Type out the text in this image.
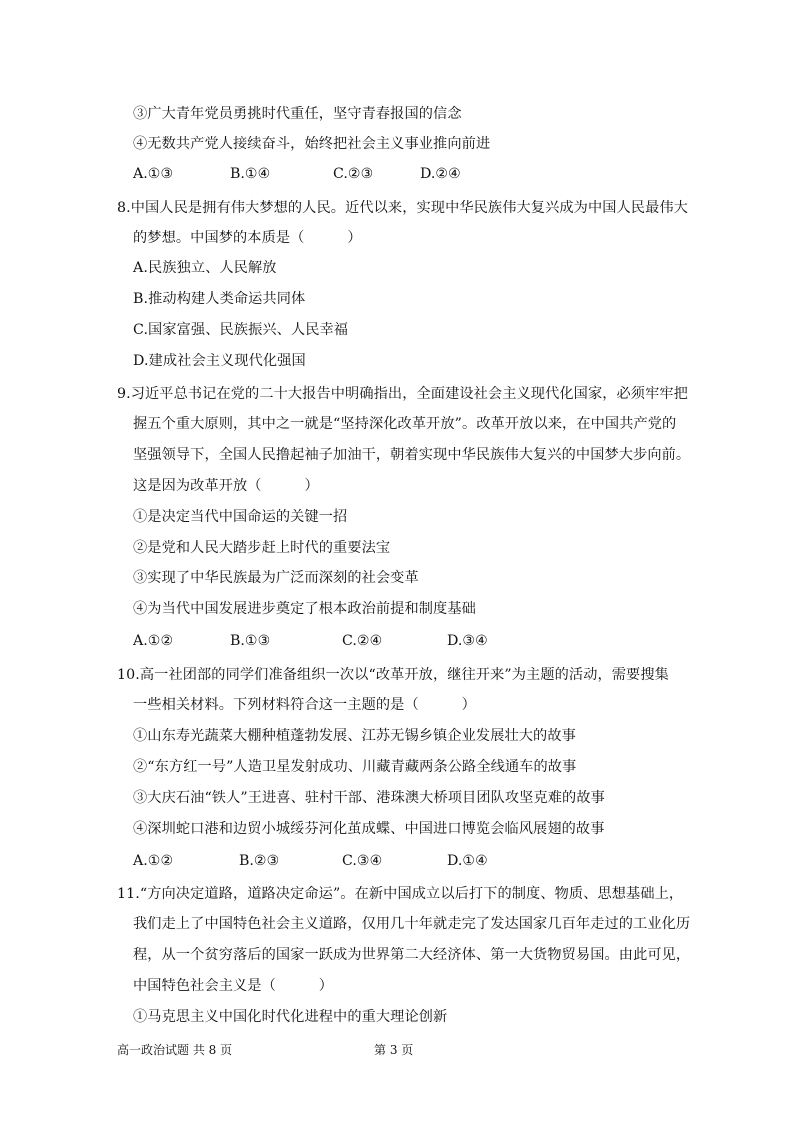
③广大青年党员勇挑时代重任，坚守青春报国的信念
④无数共产党人接续奋斗，始终把社会主义事业推向前进
A.①③	B.①④	C.②③	D.②④
8.中国人民是拥有伟大梦想的人民。近代以来，实现中华民族伟大复兴成为中国人民最伟大
的梦想。中国梦的本质是（　　　）
A.民族独立、人民解放
B.推动构建人类命运共同体
C.国家富强、民族振兴、人民幸福
D.建成社会主义现代化强国
9.习近平总书记在党的二十大报告中明确指出，全面建设社会主义现代化国家，必须牢牢把
握五个重大原则，其中之一就是“坚持深化改革开放”。改革开放以来，在中国共产党的
坚强领导下，全国人民撸起袖子加油干，朝着实现中华民族伟大复兴的中国梦大步向前。
这是因为改革开放（　　　）
①是决定当代中国命运的关键一招
②是党和人民大踏步赶上时代的重要法宝
③实现了中华民族最为广泛而深刻的社会变革
④为当代中国发展进步奠定了根本政治前提和制度基础
A.①②	B.①③	C.②④	D.③④
10.高一社团部的同学们准备组织一次以“改革开放，继往开来”为主题的活动，需要搜集
一些相关材料。下列材料符合这一主题的是（　　　）
①山东寿光蔬菜大棚种植蓬勃发展、江苏无锡乡镇企业发展壮大的故事
②“东方红一号”人造卫星发射成功、川藏青藏两条公路全线通车的故事
③大庆石油“铁人”王进喜、驻村干部、港珠澳大桥项目团队攻坚克难的故事
④深圳蛇口港和边贸小城绥芬河化茧成蝶、中国进口博览会临风展翅的故事
A.①②	B.②③	C.③④	D.①④
11.“方向决定道路，道路决定命运”。在新中国成立以后打下的制度、物质、思想基础上，
我们走上了中国特色社会主义道路，仅用几十年就走完了发达国家几百年走过的工业化历
程，从一个贫穷落后的国家一跃成为世界第二大经济体、第一大货物贸易国。由此可见，
中国特色社会主义是（　　　）
①马克思主义中国化时代化进程中的重大理论创新
高一政治试题 共 8 页	第 3 页
